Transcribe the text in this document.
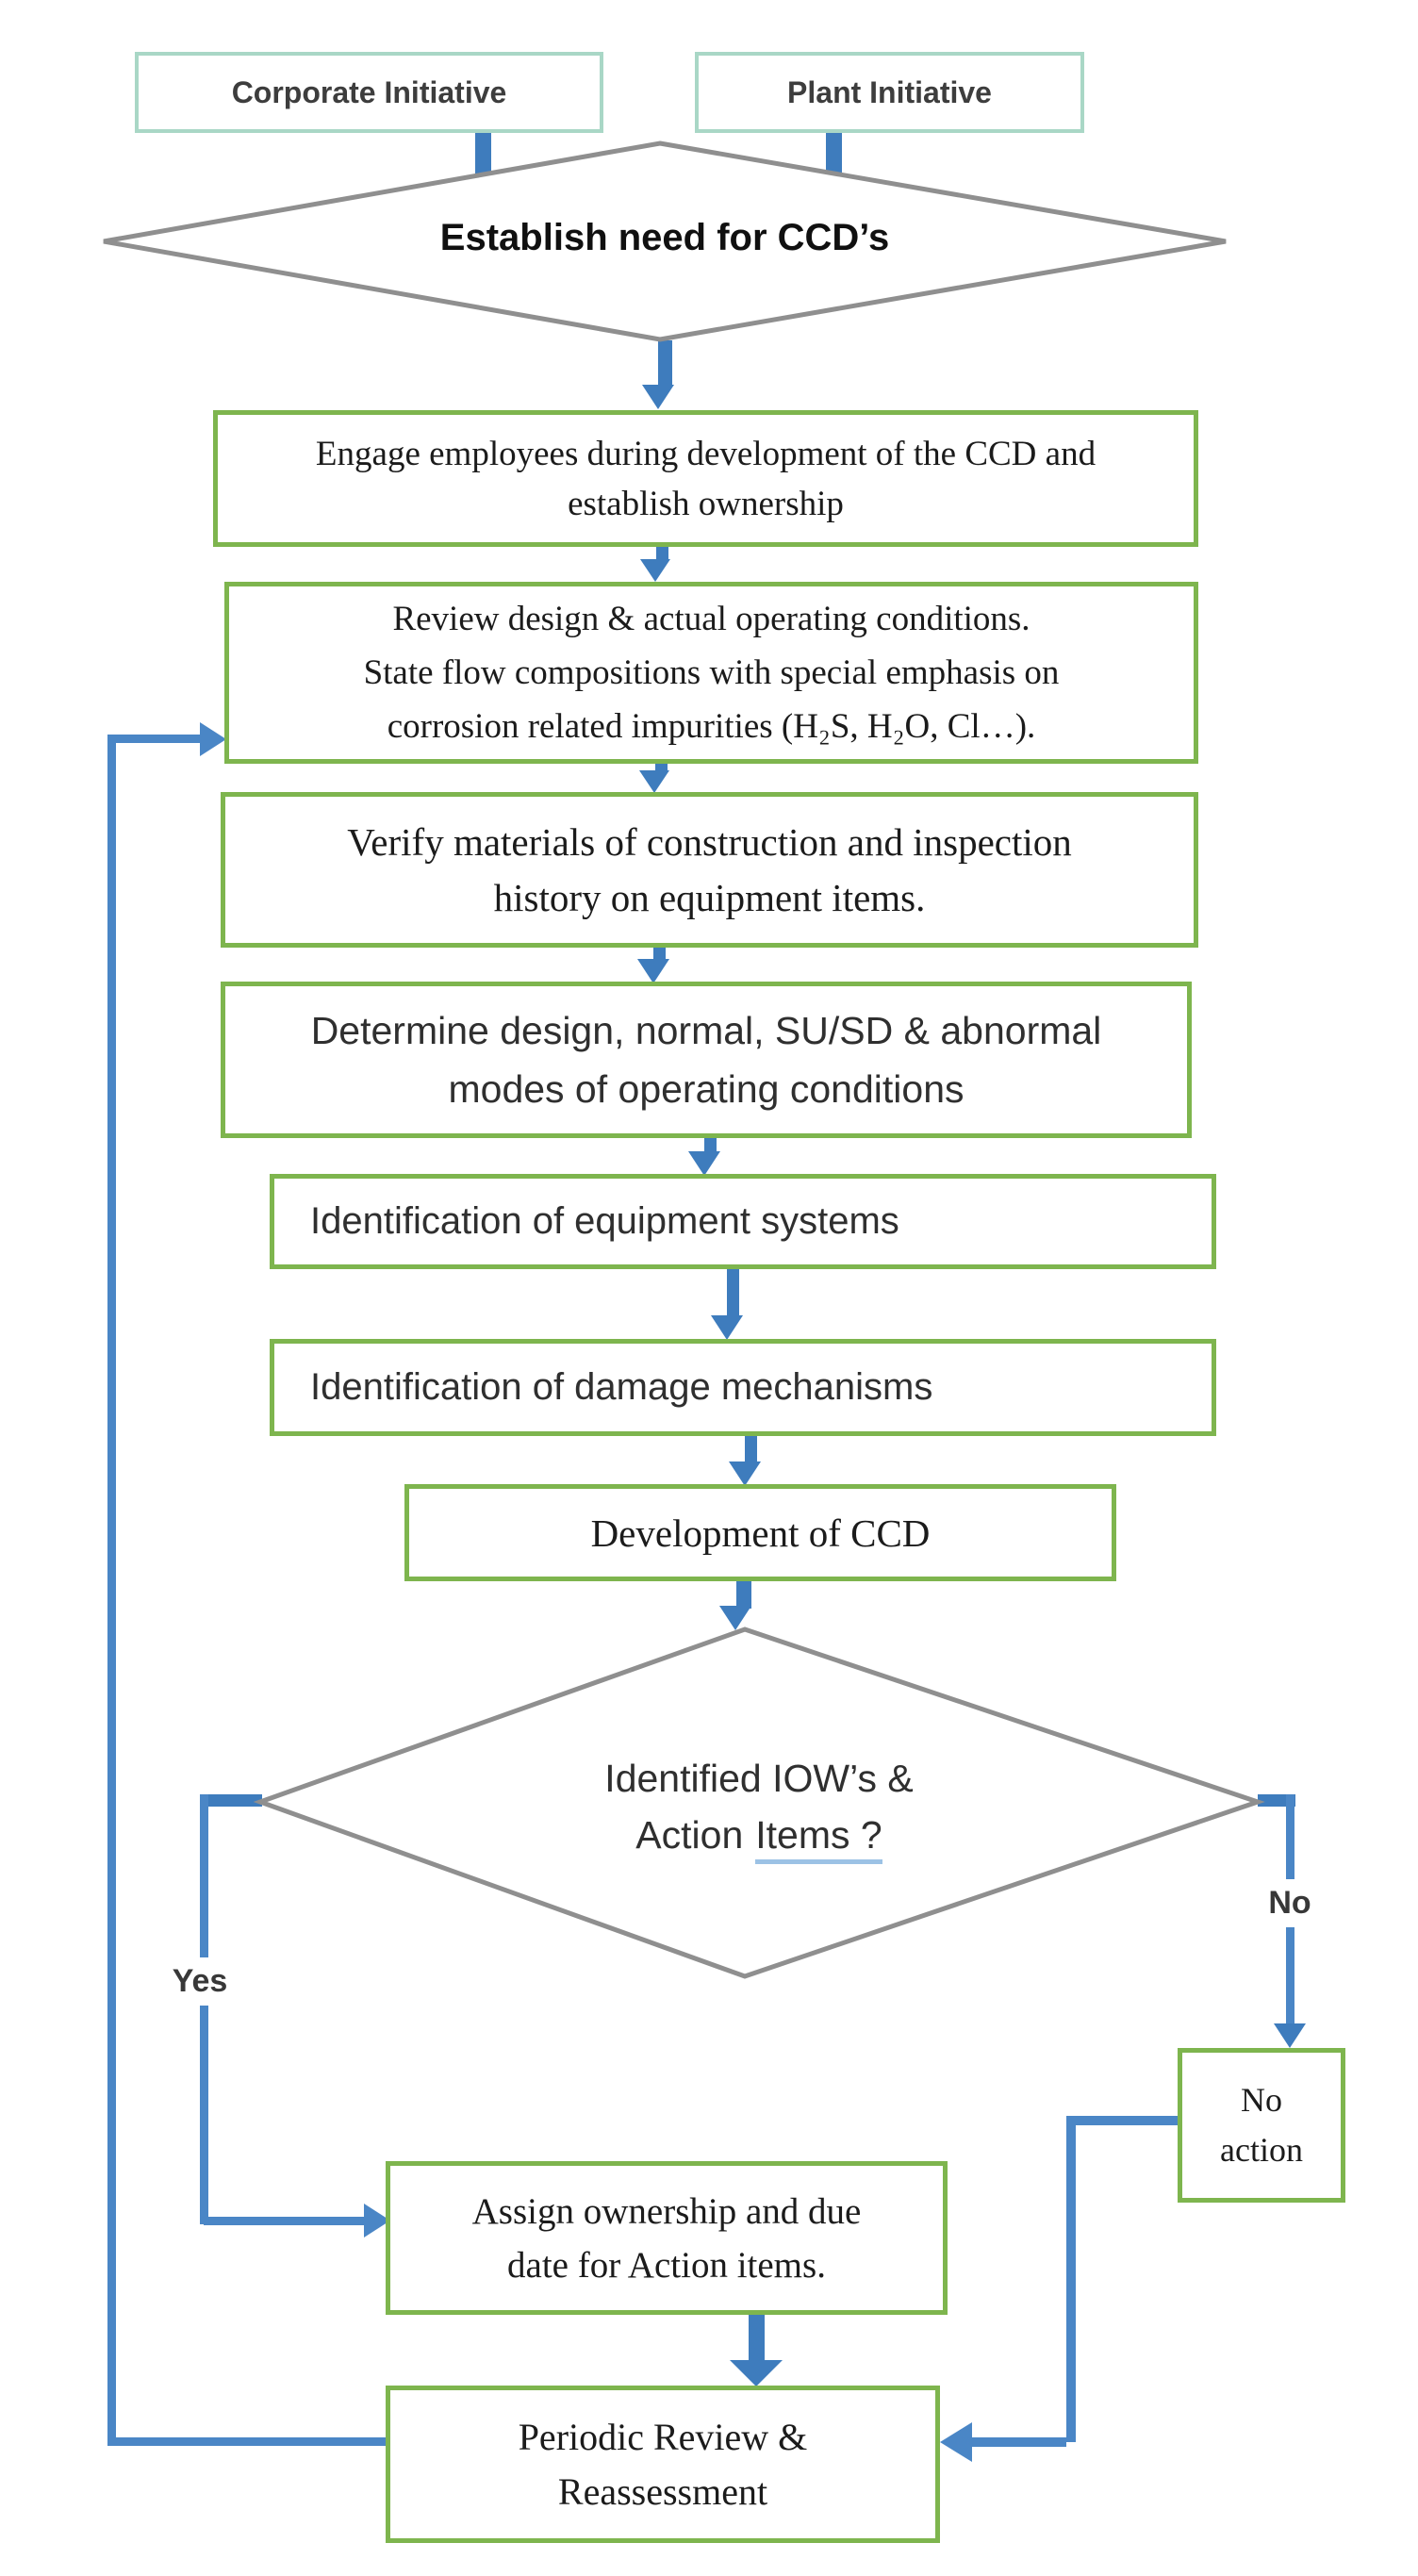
Corporate Initiative	Plant Initiative
Establish need for CCD’s
Engage employees during development of the CCD and
establish ownership
Review design & actual operating conditions.
State flow compositions with special emphasis on
corrosion related impurities (H₂S, H₂O, Cl…).
Verify materials of construction and inspection
history on equipment items.
Determine design, normal, SU/SD & abnormal
modes of operating conditions
Identification of equipment systems
Identification of damage mechanisms
Development of CCD
Identified IOW’s &
Action Items ?
Yes
No
No
action
Assign ownership and due
date for Action items.
Periodic Review &
Reassessment
